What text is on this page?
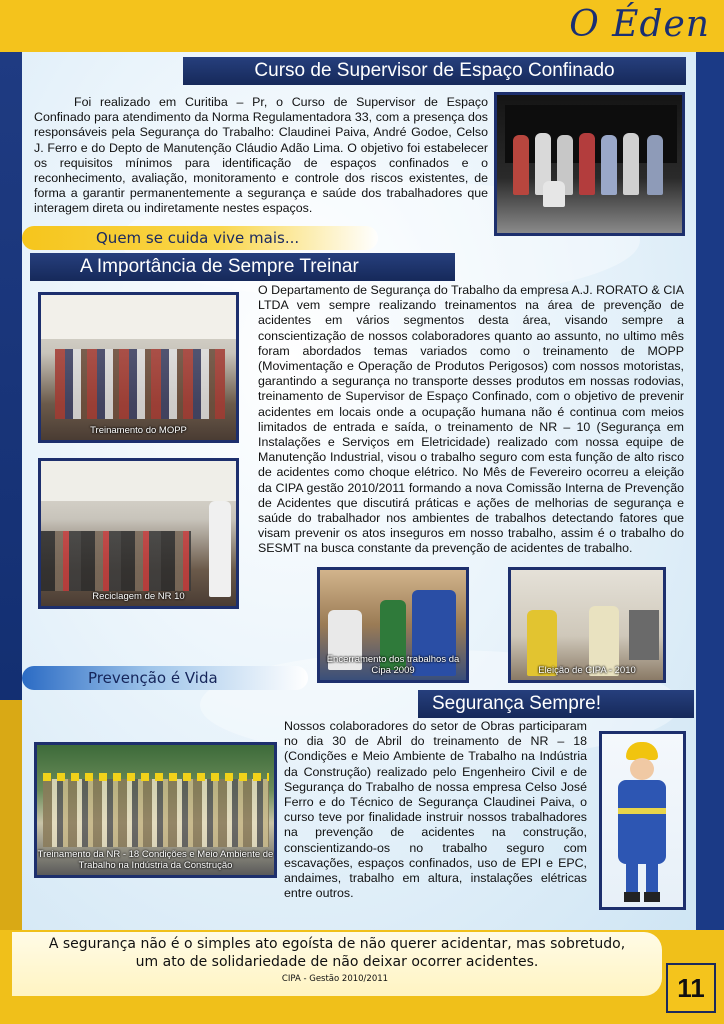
O Éden
Curso de Supervisor de Espaço Confinado
Foi realizado em Curitiba – Pr, o Curso de Supervisor de Espaço Confinado para atendimento da Norma Regulamentadora 33, com a presença dos responsáveis pela Segurança do Trabalho: Claudinei Paiva, André Godoe, Celso J. Ferro e do Depto de Manutenção Cláudio Adão Lima. O objetivo foi estabelecer os requisitos mínimos para identificação de espaços confinados e o reconhecimento, avaliação, monitoramento e controle dos riscos existentes, de forma a garantir permanentemente a segurança e saúde dos trabalhadores que interagem direta ou indiretamente nestes espaços.
Quem se cuida vive mais...
A Importância de Sempre Treinar
O Departamento de Segurança do Trabalho da empresa A.J. RORATO & CIA LTDA vem sempre realizando treinamentos na área de prevenção de acidentes em vários segmentos desta área, visando sempre a conscientização de nossos colaboradores quanto ao assunto, no ultimo mês foram abordados temas variados como o treinamento de MOPP (Movimentação e Operação de Produtos Perigosos) com nossos motoristas, garantindo a segurança no transporte desses produtos em nossas rodovias, treinamento de Supervisor de Espaço Confinado, com o objetivo de prevenir acidentes em locais onde a ocupação humana não é continua com meios limitados de entrada e saída, o treinamento de NR – 10 (Segurança em Instalações e Serviços em Eletricidade) realizado com nossa equipe de Manutenção Industrial, visou o trabalho seguro com esta função de alto risco de acidentes como choque elétrico. No Mês de Fevereiro ocorreu a eleição da CIPA gestão 2010/2011 formando a nova Comissão Interna de Prevenção de Acidentes que discutirá práticas e ações de melhorias de segurança e saúde do trabalhador nos ambientes de trabalhos detectando fatores que visam prevenir os atos inseguros em nosso trabalho, assim é o trabalho do SESMT na busca constante da prevenção de acidentes de trabalho.
Treinamento do MOPP
Reciclagem de NR 10
Encerramento dos trabalhos da Cipa 2009	Eleição de CIPA - 2010
Prevenção é Vida
Segurança Sempre!
Nossos colaboradores do setor de Obras participaram no dia 30 de Abril do treinamento de NR – 18 (Condições e Meio Ambiente de Trabalho na Indústria da Construção) realizado pelo Engenheiro Civil e de Segurança do Trabalho de nossa empresa Celso José Ferro e do Técnico de Segurança Claudinei Paiva, o curso teve por finalidade instruir nossos trabalhadores na prevenção de acidentes na construção, conscientizando-os no trabalho seguro com escavações, espaços confinados, uso de EPI e EPC, andaimes, trabalho em altura, instalações elétricas entre outros.
Treinamento da NR - 18 Condições e Meio Ambiente de Trabalho na Indústria da Construção
A segurança não é o simples ato egoísta de não querer acidentar, mas sobretudo,
um ato de solidariedade de não deixar ocorrer acidentes.
CIPA - Gestão 2010/2011	11
